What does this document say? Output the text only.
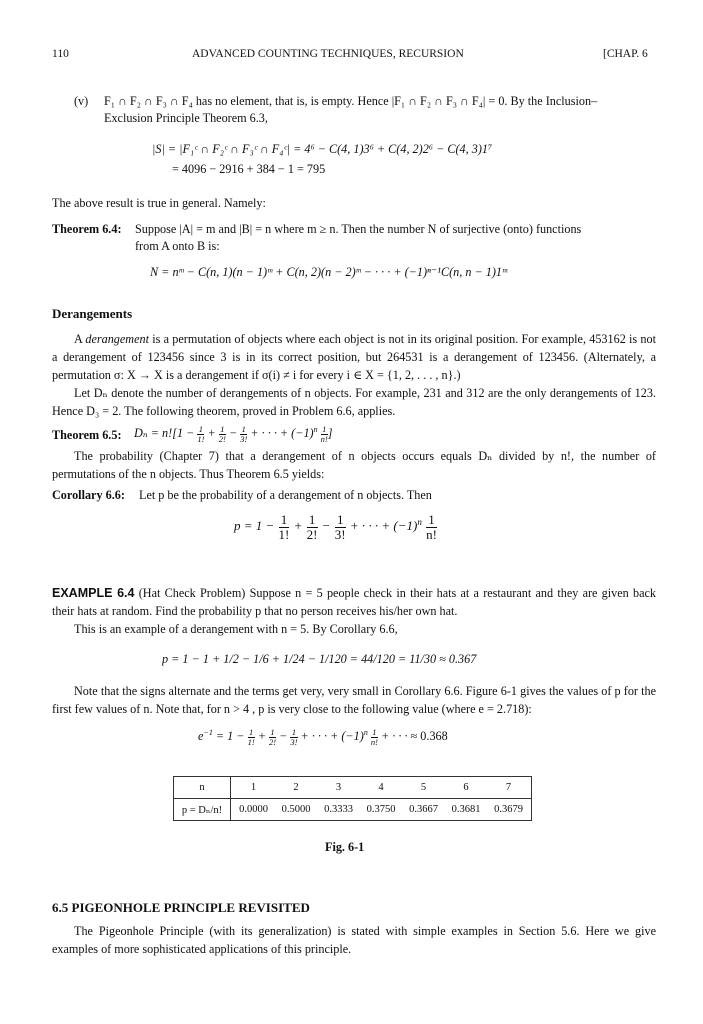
110	ADVANCED COUNTING TECHNIQUES, RECURSION	[CHAP. 6
(v) F₁ ∩ F₂ ∩ F₃ ∩ F₄ has no element, that is, is empty. Hence |F₁ ∩ F₂ ∩ F₃ ∩ F₄| = 0. By the Inclusion–
Exclusion Principle Theorem 6.3,
|S| = |F₁ᶜ ∩ F₂ᶜ ∩ F₃ᶜ ∩ F₄ᶜ| = 4⁶ − C(4, 1)3⁶ + C(4, 2)2⁶ − C(4, 3)1⁷
= 4096 − 2916 + 384 − 1 = 795
The above result is true in general. Namely:
Theorem 6.4: Suppose |A| = m and |B| = n where m ≥ n. Then the number N of surjective (onto) functions
from A onto B is:
N = nᵐ − C(n, 1)(n − 1)ᵐ + C(n, 2)(n − 2)ᵐ − · · · + (−1)ⁿ⁻¹C(n, n − 1)1ᵐ
Derangements
A derangement is a permutation of objects where each object is not in its original position. For example, 453162 is not a derangement of 123456 since 3 is in its correct position, but 264531 is a derangement of 123456. (Alternately, a permutation σ: X → X is a derangement if σ(i) ≠ i for every i ∈ X = {1, 2, . . . , n}.)
Let Dₙ denote the number of derangements of n objects. For example, 231 and 312 are the only derangements of 123. Hence D₃ = 2. The following theorem, proved in Problem 6.6, applies.
Theorem 6.5: $D_n = n![1 - \frac{1}{1!} + \frac{1}{2!} - \frac{1}{3!}$ + · · · + $(-1)^n \frac{1}{n!}$ ]
The probability (Chapter 7) that a derangement of n objects occurs equals Dₙ divided by n!, the number of permutations of the n objects. Thus Theorem 6.5 yields:
Corollary 6.6: Let p be the probability of a derangement of n objects. Then
$p = 1 - \frac{1}{1!} + \frac{1}{2!} - \frac{1}{3!}$ + · · · + $(-1)^n \frac{1}{n!}$
EXAMPLE 6.4 (Hat Check Problem) Suppose n = 5 people check in their hats at a restaurant and they are given back their hats at random. Find the probability p that no person receives his/her own hat.
This is an example of a derangement with n = 5. By Corollary 6.6,
p = 1 − 1 + 1/2 − 1/6 + 1/24 − 1/120 = 44/120 = 11/30 ≈ 0.367
Note that the signs alternate and the terms get very, very small in Corollary 6.6. Figure 6-1 gives the values of p for the first few values of n. Note that, for n > 4 , p is very close to the following value (where e = 2.718):
$e^{-1} = 1 - \frac{1}{1!} + \frac{1}{2!} - \frac{1}{3!}$ + · · · + $(-1)^n \frac{1}{n!}$ + · · · ≈ 0.368
n	1 2 3 4 5 6 7
p = Dₙ/n!	0.0000 0.5000 0.3333 0.3750 0.3667 0.3681 0.3679
Fig. 6-1
6.5 PIGEONHOLE PRINCIPLE REVISITED
The Pigeonhole Principle (with its generalization) is stated with simple examples in Section 5.6. Here we give examples of more sophisticated applications of this principle.
